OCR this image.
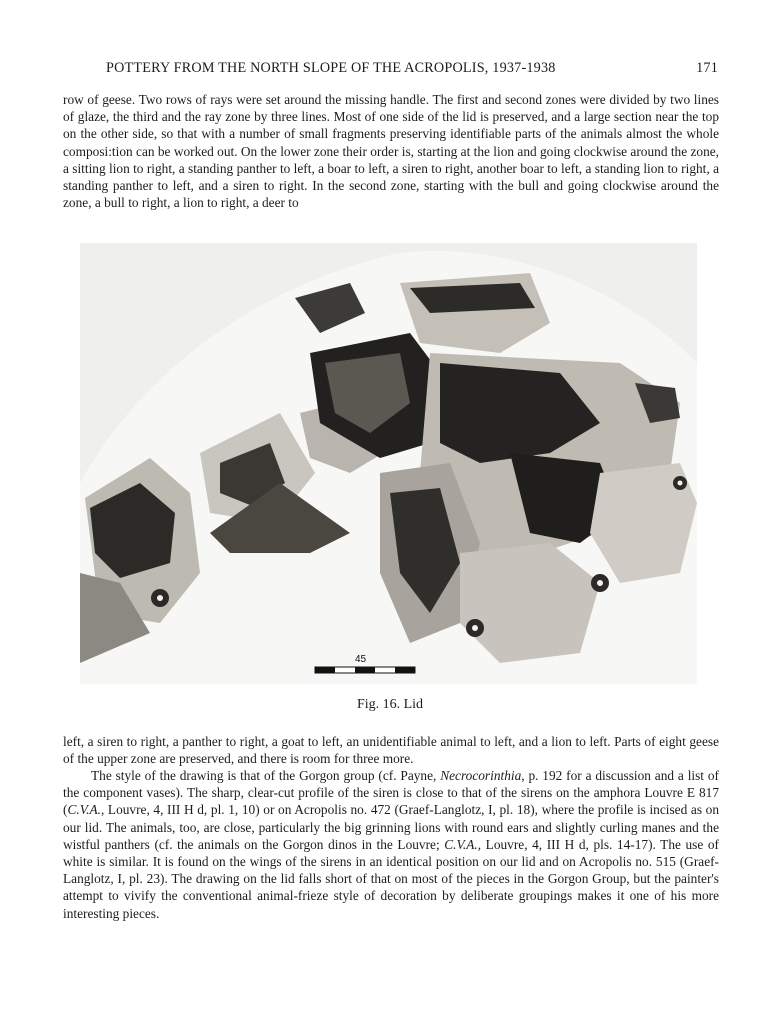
POTTERY FROM THE NORTH SLOPE OF THE ACROPOLIS, 1937-1938	171

row of geese. Two rows of rays were set around the missing handle. The first and second zones were divided by two lines of glaze, the third and the ray zone by three lines. Most of one side of the lid is preserved, and a large section near the top on the other side, so that with a number of small fragments preserving identifiable parts of the animals almost the whole composi:tion can be worked out. On the lower zone their order is, starting at the lion and going clockwise around the zone, a sitting lion to right, a standing panther to left, a boar to left, a siren to right, another boar to left, a standing lion to right, a standing panther to left, and a siren to right. In the second zone, starting with the bull and going clockwise around the zone, a bull to right, a lion to right, a deer to

45
Fig. 16. Lid

left, a siren to right, a panther to right, a goat to left, an unidentifiable animal to left, and a lion to left. Parts of eight geese of the upper zone are preserved, and there is room for three more.

The style of the drawing is that of the Gorgon group (cf. Payne, Necrocorinthia, p. 192 for a discussion and a list of the component vases). The sharp, clear-cut profile of the siren is close to that of the sirens on the amphora Louvre E 817 (C.V.A., Louvre, 4, III H d, pl. 1, 10) or on Acropolis no. 472 (Graef-Langlotz, I, pl. 18), where the profile is incised as on our lid. The animals, too, are close, particularly the big grinning lions with round ears and slightly curling manes and the wistful panthers (cf. the animals on the Gorgon dinos in the Louvre; C.V.A., Louvre, 4, III H d, pls. 14-17). The use of white is similar. It is found on the wings of the sirens in an identical position on our lid and on Acropolis no. 515 (Graef-Langlotz, I, pl. 23). The drawing on the lid falls short of that on most of the pieces in the Gorgon Group, but the painter's attempt to vivify the conventional animal-frieze style of decoration by deliberate groupings makes it one of his more interesting pieces.
